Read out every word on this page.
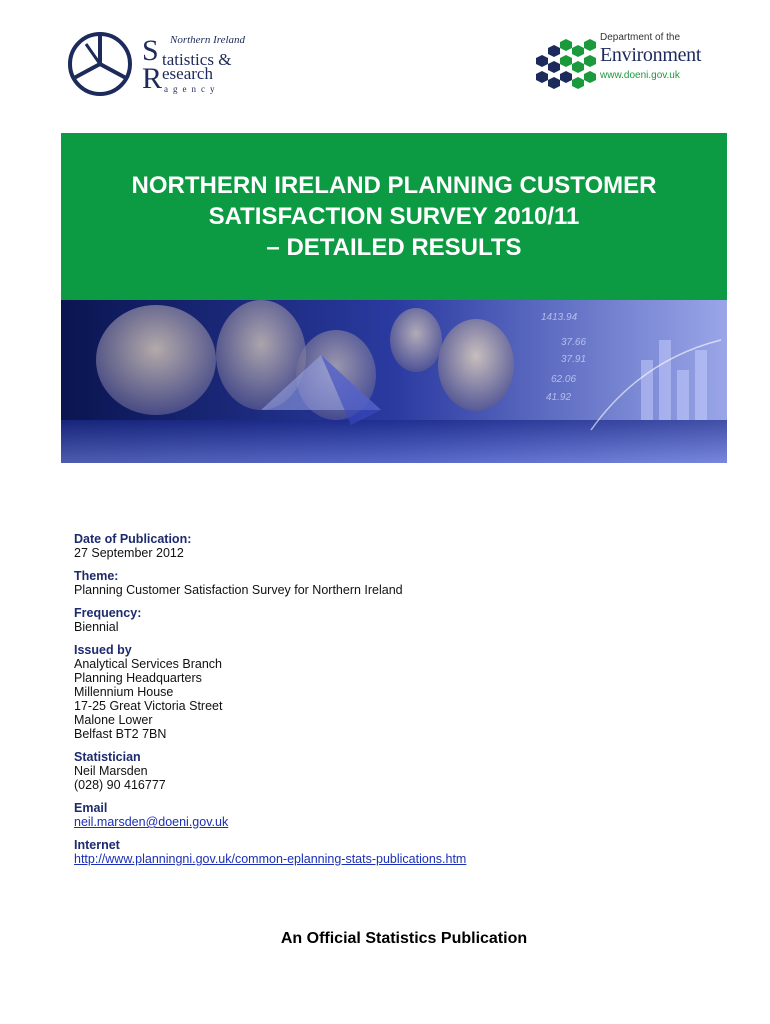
Northern Ireland
S tatistics &
R esearch
agency
Department of the
Environment
www.doeni.gov.uk
NORTHERN IRELAND PLANNING CUSTOMER
SATISFACTION SURVEY 2010/11
– DETAILED RESULTS
1413.94
37.66
37.91
62.06
41.92
Date of Publication:
27 September 2012
Theme:
Planning Customer Satisfaction Survey for Northern Ireland
Frequency:
Biennial
Issued by
Analytical Services Branch
Planning Headquarters
Millennium House
17-25 Great Victoria Street
Malone Lower
Belfast BT2 7BN
Statistician
Neil Marsden
(028) 90 416777
Email
neil.marsden@doeni.gov.uk
Internet
http://www.planningni.gov.uk/common-eplanning-stats-publications.htm
An Official Statistics Publication
